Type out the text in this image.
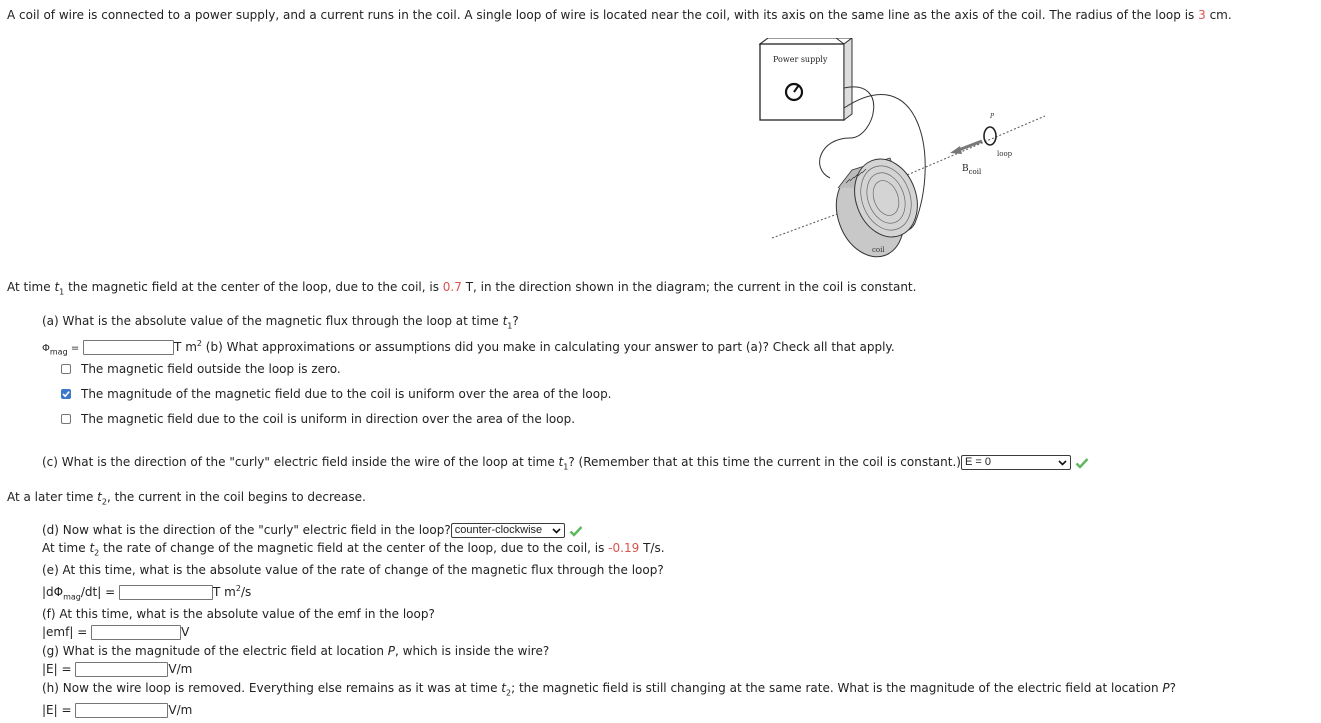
A coil of wire is connected to a power supply, and a current runs in the coil. A single loop of wire is located near the coil, with its axis on the same line as the axis of the coil. The radius of the loop is 3 cm.
Power supply
coil
$B_{coil}$
loop
P
At time $t_1$ the magnetic field at the center of the loop, due to the coil, is 0.7 T, in the direction shown in the diagram; the current in the coil is constant.
(a) What is the absolute value of the magnetic flux through the loop at time $t_1$?
$\Phi_{mag}$ =	T $m^2$ (b) What approximations or assumptions did you make in calculating your answer to part (a)? Check all that apply.
The magnetic field outside the loop is zero.
The magnitude of the magnetic field due to the coil is uniform over the area of the loop.
The magnetic field due to the coil is uniform in direction over the area of the loop.
(c) What is the direction of the "curly" electric field inside the wire of the loop at time $t_1$? (Remember that at this time the current in the coil is constant.) E = 0

At a later time $t_2$, the current in the coil begins to decrease.
(d) Now what is the direction of the "curly" electric field in the loop? counter-clockwise

At time $t_2$ the rate of change of the magnetic field at the center of the loop, due to the coil, is -0.19 T/s.
(e) At this time, what is the absolute value of the rate of change of the magnetic flux through the loop?
$|d\Phi_{mag}/dt|$ =	T $m^2/s$
(f) At this time, what is the absolute value of the emf in the loop?
|emf| =	V
(g) What is the magnitude of the electric field at location P, which is inside the wire?
|E| =	V/m
(h) Now the wire loop is removed. Everything else remains as it was at time $t_2$; the magnetic field is still changing at the same rate. What is the magnitude of the electric field at location P?
|E| =	V/m
